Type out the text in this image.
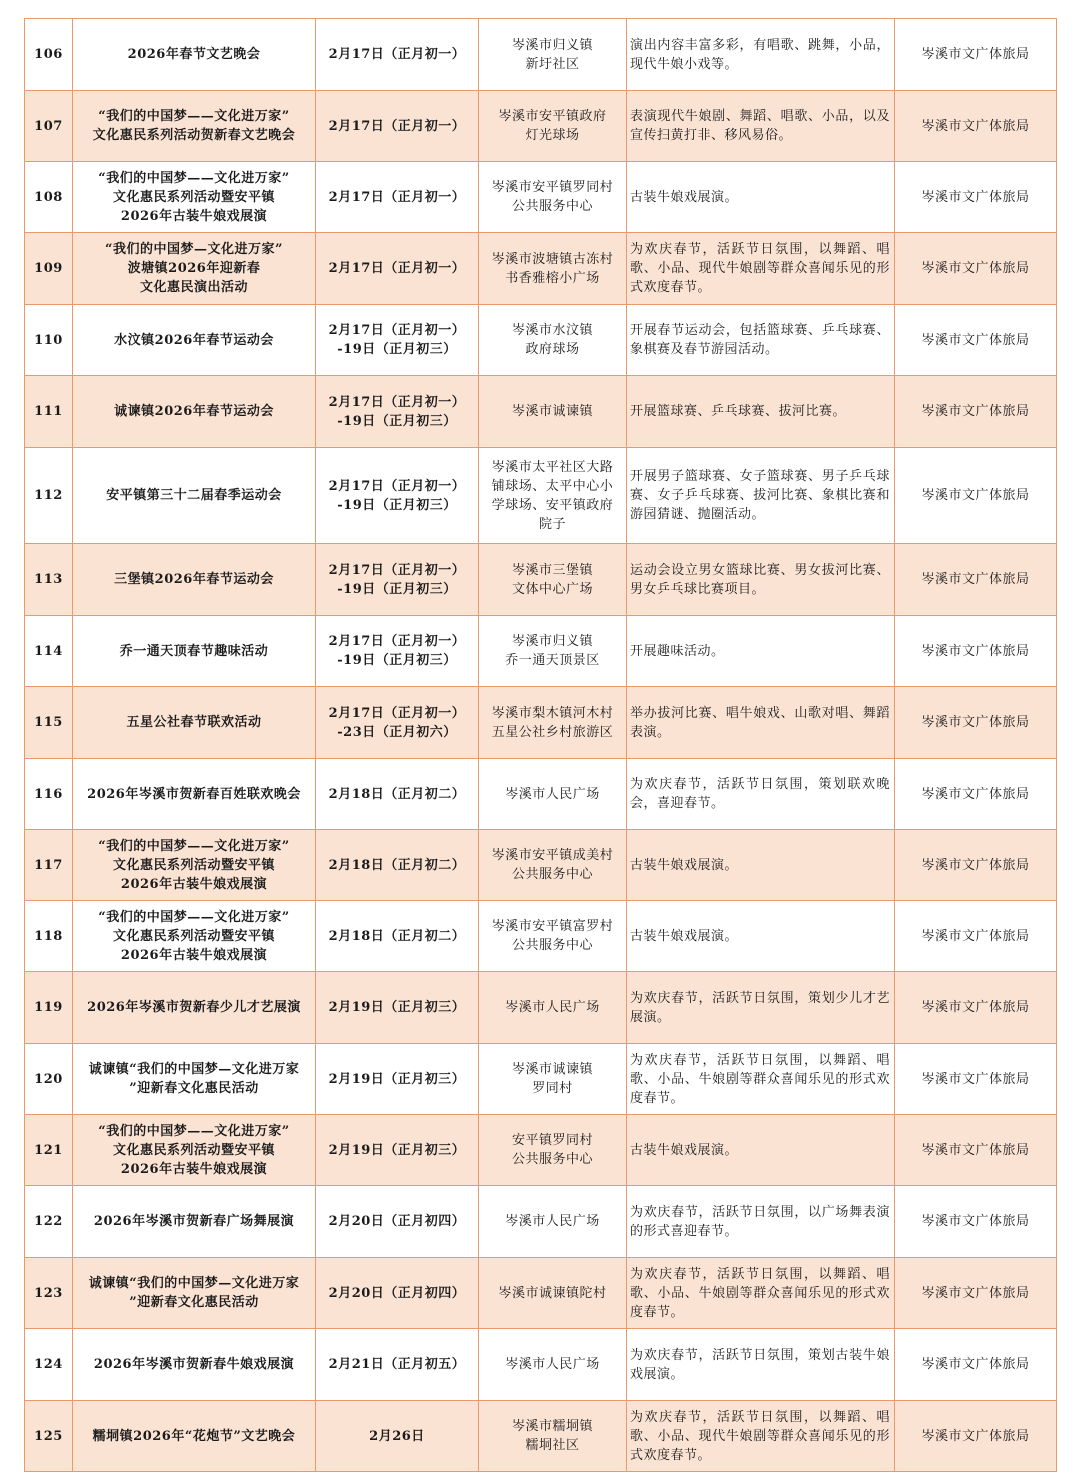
106	2026年春节文艺晚会	2月17日（正月初一）	岑溪市归义镇
新圩社区	演出内容丰富多彩，有唱歌、跳舞，小品，现代牛娘小戏等。	岑溪市文广体旅局
107	“我们的中国梦——文化进万家”
文化惠民系列活动贺新春文艺晚会	2月17日（正月初一）	岑溪市安平镇政府
灯光球场	表演现代牛娘剧、舞蹈、唱歌、小品，以及宣传扫黄打非、移风易俗。	岑溪市文广体旅局
108	“我们的中国梦——文化进万家”
文化惠民系列活动暨安平镇
2026年古装牛娘戏展演	2月17日（正月初一）	岑溪市安平镇罗同村
公共服务中心	古装牛娘戏展演。	岑溪市文广体旅局
109	“我们的中国梦—文化进万家”
波塘镇2026年迎新春
文化惠民演出活动	2月17日（正月初一）	岑溪市波塘镇古冻村
书香雅榕小广场	为欢庆春节，活跃节日氛围，以舞蹈、唱歌、小品、现代牛娘剧等群众喜闻乐见的形式欢度春节。	岑溪市文广体旅局
110	水汶镇2026年春节运动会	2月17日（正月初一）
-19日（正月初三）	岑溪市水汶镇
政府球场	开展春节运动会，包括篮球赛、乒乓球赛、象棋赛及春节游园活动。	岑溪市文广体旅局
111	诚谏镇2026年春节运动会	2月17日（正月初一）
-19日（正月初三）	岑溪市诚谏镇	开展篮球赛、乒乓球赛、拔河比赛。	岑溪市文广体旅局
112	安平镇第三十二届春季运动会	2月17日（正月初一）
-19日（正月初三）	岑溪市太平社区大路
铺球场、太平中心小
学球场、安平镇政府
院子	开展男子篮球赛、女子篮球赛、男子乒乓球赛、女子乒乓球赛、拔河比赛、象棋比赛和游园猜谜、抛圈活动。	岑溪市文广体旅局
113	三堡镇2026年春节运动会	2月17日（正月初一）
-19日（正月初三）	岑溪市三堡镇
文体中心广场	运动会设立男女篮球比赛、男女拔河比赛、男女乒乓球比赛项目。	岑溪市文广体旅局
114	乔一通天顶春节趣味活动	2月17日（正月初一）
-19日（正月初三）	岑溪市归义镇
乔一通天顶景区	开展趣味活动。	岑溪市文广体旅局
115	五星公社春节联欢活动	2月17日（正月初一）
-23日（正月初六）	岑溪市梨木镇河木村
五星公社乡村旅游区	举办拔河比赛、唱牛娘戏、山歌对唱、舞蹈表演。	岑溪市文广体旅局
116	2026年岑溪市贺新春百姓联欢晚会	2月18日（正月初二）	岑溪市人民广场	为欢庆春节，活跃节日氛围，策划联欢晚会，喜迎春节。	岑溪市文广体旅局
117	“我们的中国梦——文化进万家”
文化惠民系列活动暨安平镇
2026年古装牛娘戏展演	2月18日（正月初二）	岑溪市安平镇成美村
公共服务中心	古装牛娘戏展演。	岑溪市文广体旅局
118	“我们的中国梦——文化进万家”
文化惠民系列活动暨安平镇
2026年古装牛娘戏展演	2月18日（正月初二）	岑溪市安平镇富罗村
公共服务中心	古装牛娘戏展演。	岑溪市文广体旅局
119	2026年岑溪市贺新春少儿才艺展演	2月19日（正月初三）	岑溪市人民广场	为欢庆春节，活跃节日氛围，策划少儿才艺展演。	岑溪市文广体旅局
120	诚谏镇“我们的中国梦—文化进万家
”迎新春文化惠民活动	2月19日（正月初三）	岑溪市诚谏镇
罗同村	为欢庆春节，活跃节日氛围，以舞蹈、唱歌、小品、牛娘剧等群众喜闻乐见的形式欢度春节。	岑溪市文广体旅局
121	“我们的中国梦——文化进万家”
文化惠民系列活动暨安平镇
2026年古装牛娘戏展演	2月19日（正月初三）	安平镇罗同村
公共服务中心	古装牛娘戏展演。	岑溪市文广体旅局
122	2026年岑溪市贺新春广场舞展演	2月20日（正月初四）	岑溪市人民广场	为欢庆春节，活跃节日氛围，以广场舞表演的形式喜迎春节。	岑溪市文广体旅局
123	诚谏镇“我们的中国梦—文化进万家
”迎新春文化惠民活动	2月20日（正月初四）	岑溪市诚谏镇陀村	为欢庆春节，活跃节日氛围，以舞蹈、唱歌、小品、牛娘剧等群众喜闻乐见的形式欢度春节。	岑溪市文广体旅局
124	2026年岑溪市贺新春牛娘戏展演	2月21日（正月初五）	岑溪市人民广场	为欢庆春节，活跃节日氛围，策划古装牛娘戏展演。	岑溪市文广体旅局
125	糯垌镇2026年“花炮节”文艺晚会	2月26日	岑溪市糯垌镇
糯垌社区	为欢庆春节，活跃节日氛围，以舞蹈、唱歌、小品、现代牛娘剧等群众喜闻乐见的形式欢度春节。	岑溪市文广体旅局
